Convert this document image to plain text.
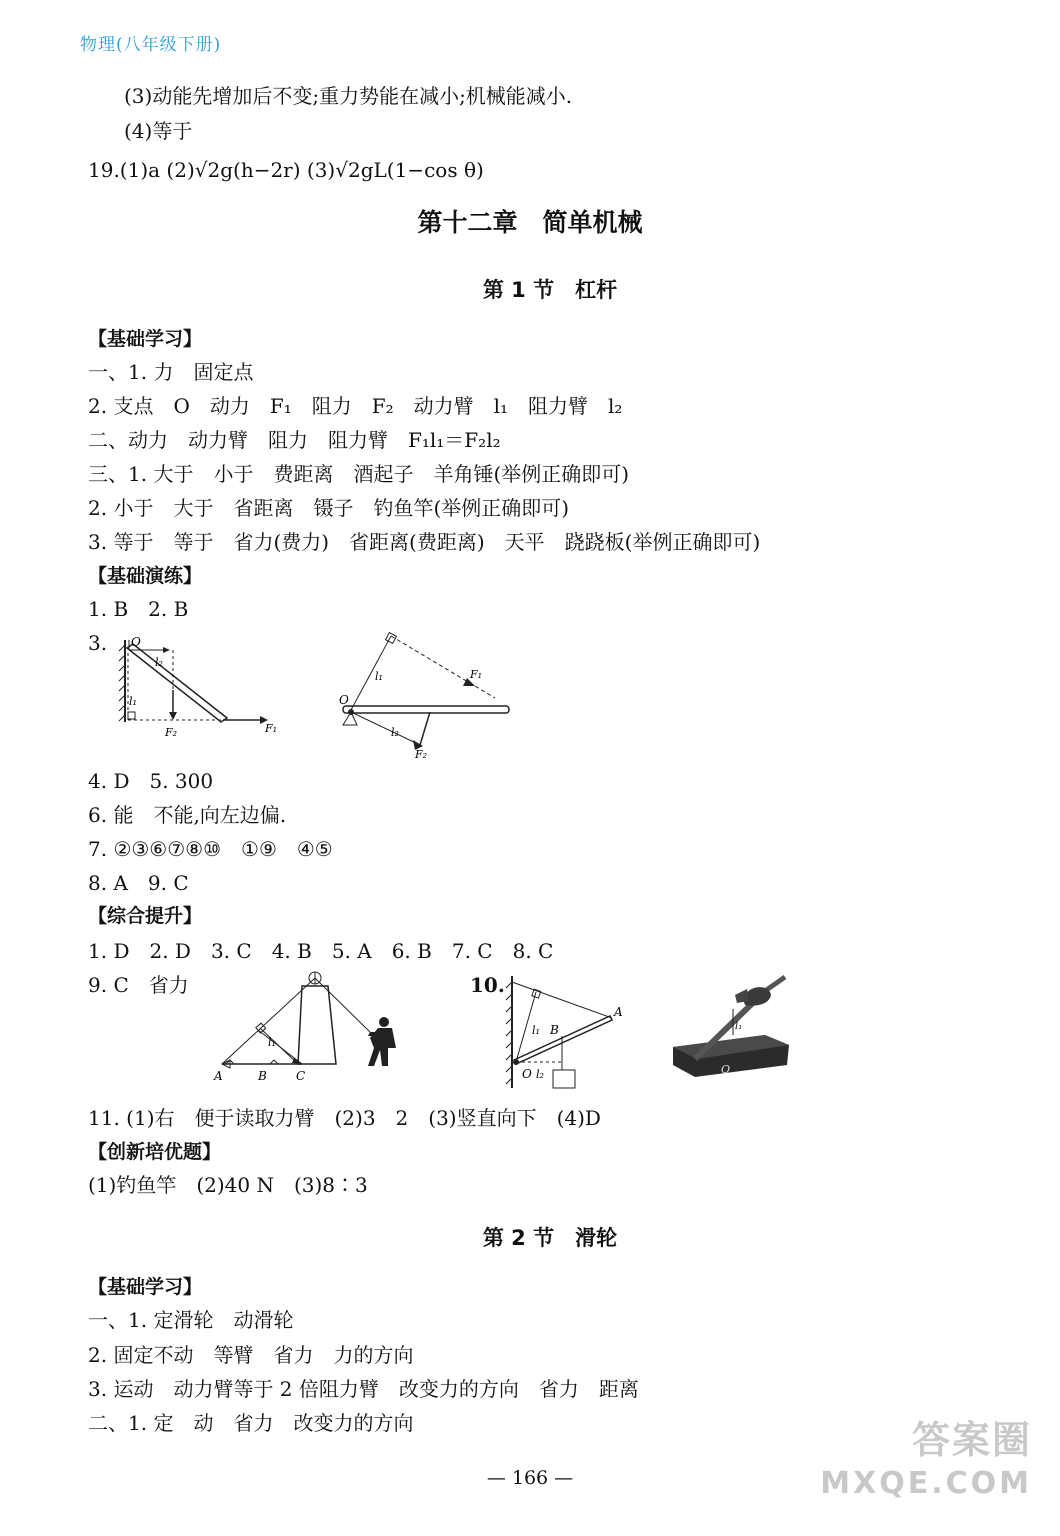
物理(八年级下册)
(3)动能先增加后不变;重力势能在减小;机械能减小.
(4)等于
19.(1)a (2)√2g(h−2r) (3)√2gL(1−cos θ)
第十二章　简单机械
第 1 节　杠杆
【基础学习】
一、1. 力　固定点
2. 支点　O　动力　F₁　阻力　F₂　动力臂　l₁　阻力臂　l₂
二、动力　动力臂　阻力　阻力臂　F₁l₁＝F₂l₂
三、1. 大于　小于　费距离　酒起子　羊角锤(举例正确即可)
2. 小于　大于　省距离　镊子　钓鱼竿(举例正确即可)
3. 等于　等于　省力(费力)　省距离(费距离)　天平　跷跷板(举例正确即可)
【基础演练】
1. B　2. B
3. O
l₂
l₁
F₂	F₁
O
l₁	F₁
l₂
F₂
4. D　5. 300
6. 能　不能,向左边偏.
7. ②③⑥⑦⑧⑩　①⑨　④⑤
8. A　9. C
【综合提升】
1. D　2. D　3. C　4. B　5. A　6. B　7. C　8. C
9. C　省力
A	B C
l₁
10.
l₁ B
A
O l₂
l₁
O
11. (1)右　便于读取力臂　(2)3　2　(3)竖直向下　(4)D
【创新培优题】
(1)钓鱼竿　(2)40 N　(3)8∶3
第 2 节　滑轮
【基础学习】
一、1. 定滑轮　动滑轮
2. 固定不动　等臂　省力　力的方向
3. 运动　动力臂等于 2 倍阻力臂　改变力的方向　省力　距离
二、1. 定　动　省力　改变力的方向
— 166 —
答案圈
MXQE.COM
